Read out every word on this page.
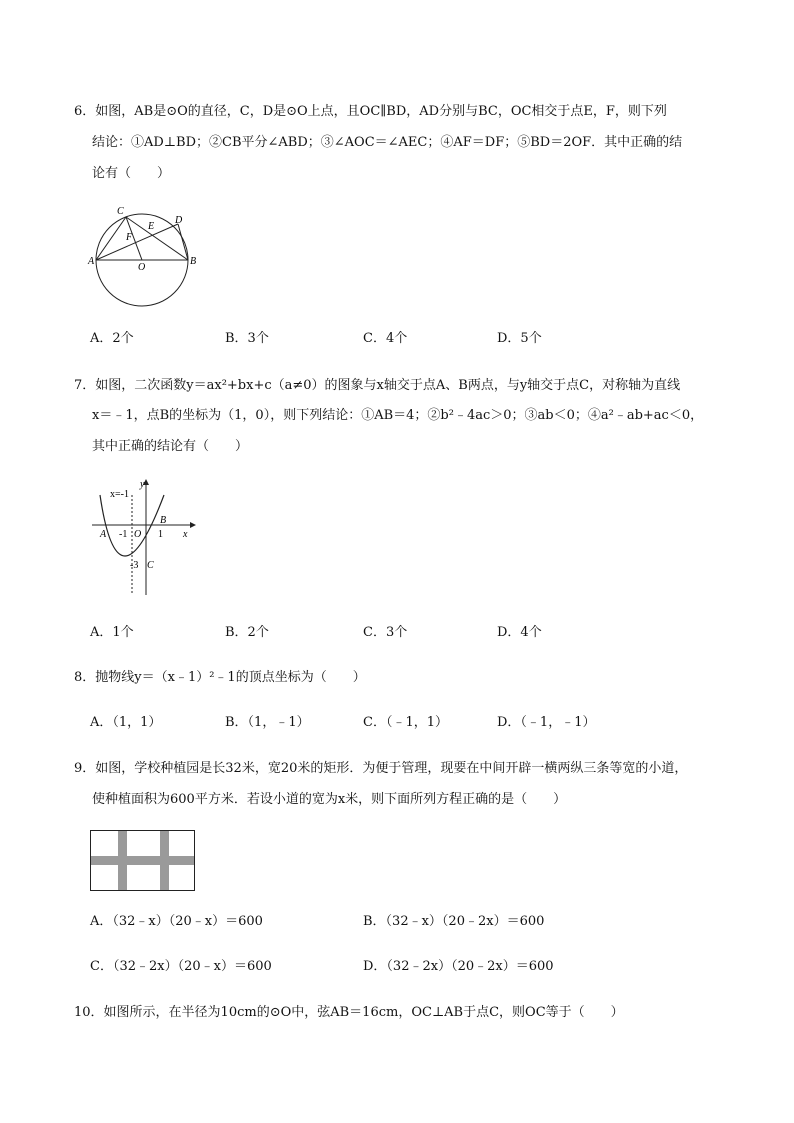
6．如图，AB是⊙O的直径，C，D是⊙O上点，且OC∥BD，AD分别与BC，OC相交于点E，F，则下列
结论：①AD⊥BD；②CB平分∠ABD；③∠AOC＝∠AEC；④AF＝DF；⑤BD＝2OF．其中正确的结
论有（　　）
C
D
E
F
A
O
B
A．2个	B．3个	C．4个	D．5个
7．如图，二次函数y＝ax²+bx+c（a≠0）的图象与x轴交于点A、B两点，与y轴交于点C，对称轴为直线
x＝﹣1，点B的坐标为（1，0），则下列结论：①AB＝4；②b²﹣4ac＞0；③ab＜0；④a²﹣ab+ac＜0，
其中正确的结论有（　　）
x=-1
y
x
A -1 O
B
1
-3 C
A．1个	B．2个	C．3个	D．4个
8．抛物线y＝（x﹣1）²﹣1的顶点坐标为（　　）
A．（1，1）	B．（1，﹣1）	C．（﹣1，1）	D．（﹣1，﹣1）
9．如图，学校种植园是长32米，宽20米的矩形．为便于管理，现要在中间开辟一横两纵三条等宽的小道，
使种植面积为600平方米．若设小道的宽为x米，则下面所列方程正确的是（　　）
A．（32﹣x）（20﹣x）＝600	B．（32﹣x）（20﹣2x）＝600
C．（32﹣2x）（20﹣x）＝600	D．（32﹣2x）（20﹣2x）＝600
10．如图所示，在半径为10cm的⊙O中，弦AB＝16cm，OC⊥AB于点C，则OC等于（　　）
